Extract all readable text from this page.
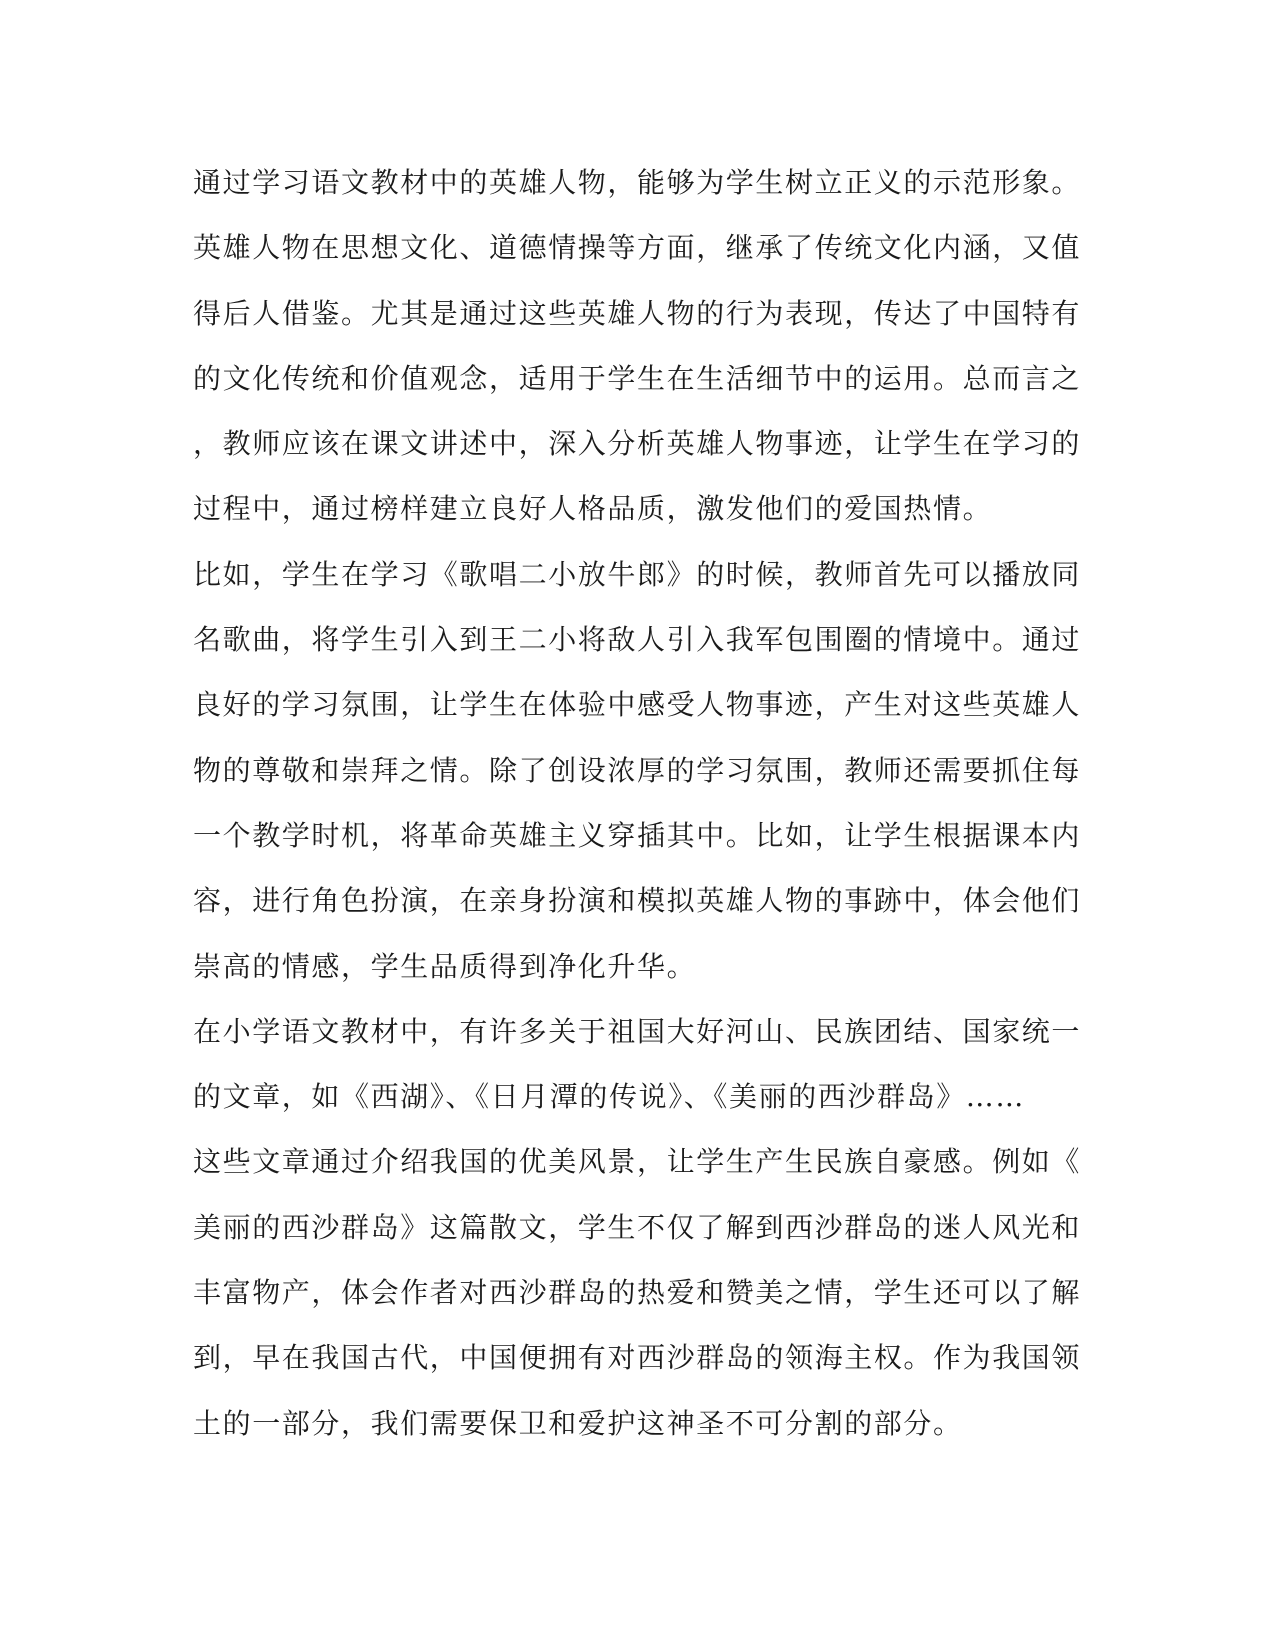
通过学习语文教材中的英雄人物，能够为学生树立正义的示范形象。
英雄人物在思想文化、道德情操等方面，继承了传统文化内涵，又值
得后人借鉴。尤其是通过这些英雄人物的行为表现，传达了中国特有
的文化传统和价值观念，适用于学生在生活细节中的运用。总而言之
，教师应该在课文讲述中，深入分析英雄人物事迹，让学生在学习的
过程中，通过榜样建立良好人格品质，激发他们的爱国热情。
比如，学生在学习《歌唱二小放牛郎》的时候，教师首先可以播放同
名歌曲，将学生引入到王二小将敌人引入我军包围圈的情境中。通过
良好的学习氛围，让学生在体验中感受人物事迹，产生对这些英雄人
物的尊敬和崇拜之情。除了创设浓厚的学习氛围，教师还需要抓住每
一个教学时机，将革命英雄主义穿插其中。比如，让学生根据课本内
容，进行角色扮演，在亲身扮演和模拟英雄人物的事跡中，体会他们
崇高的情感，学生品质得到净化升华。
在小学语文教材中，有许多关于祖国大好河山、民族团结、国家统一
的文章，如《西湖》、《日月潭的传说》、《美丽的西沙群岛》……
这些文章通过介绍我国的优美风景，让学生产生民族自豪感。例如《
美丽的西沙群岛》这篇散文，学生不仅了解到西沙群岛的迷人风光和
丰富物产，体会作者对西沙群岛的热爱和赞美之情，学生还可以了解
到，早在我国古代，中国便拥有对西沙群岛的领海主权。作为我国领
土的一部分，我们需要保卫和爱护这神圣不可分割的部分。
